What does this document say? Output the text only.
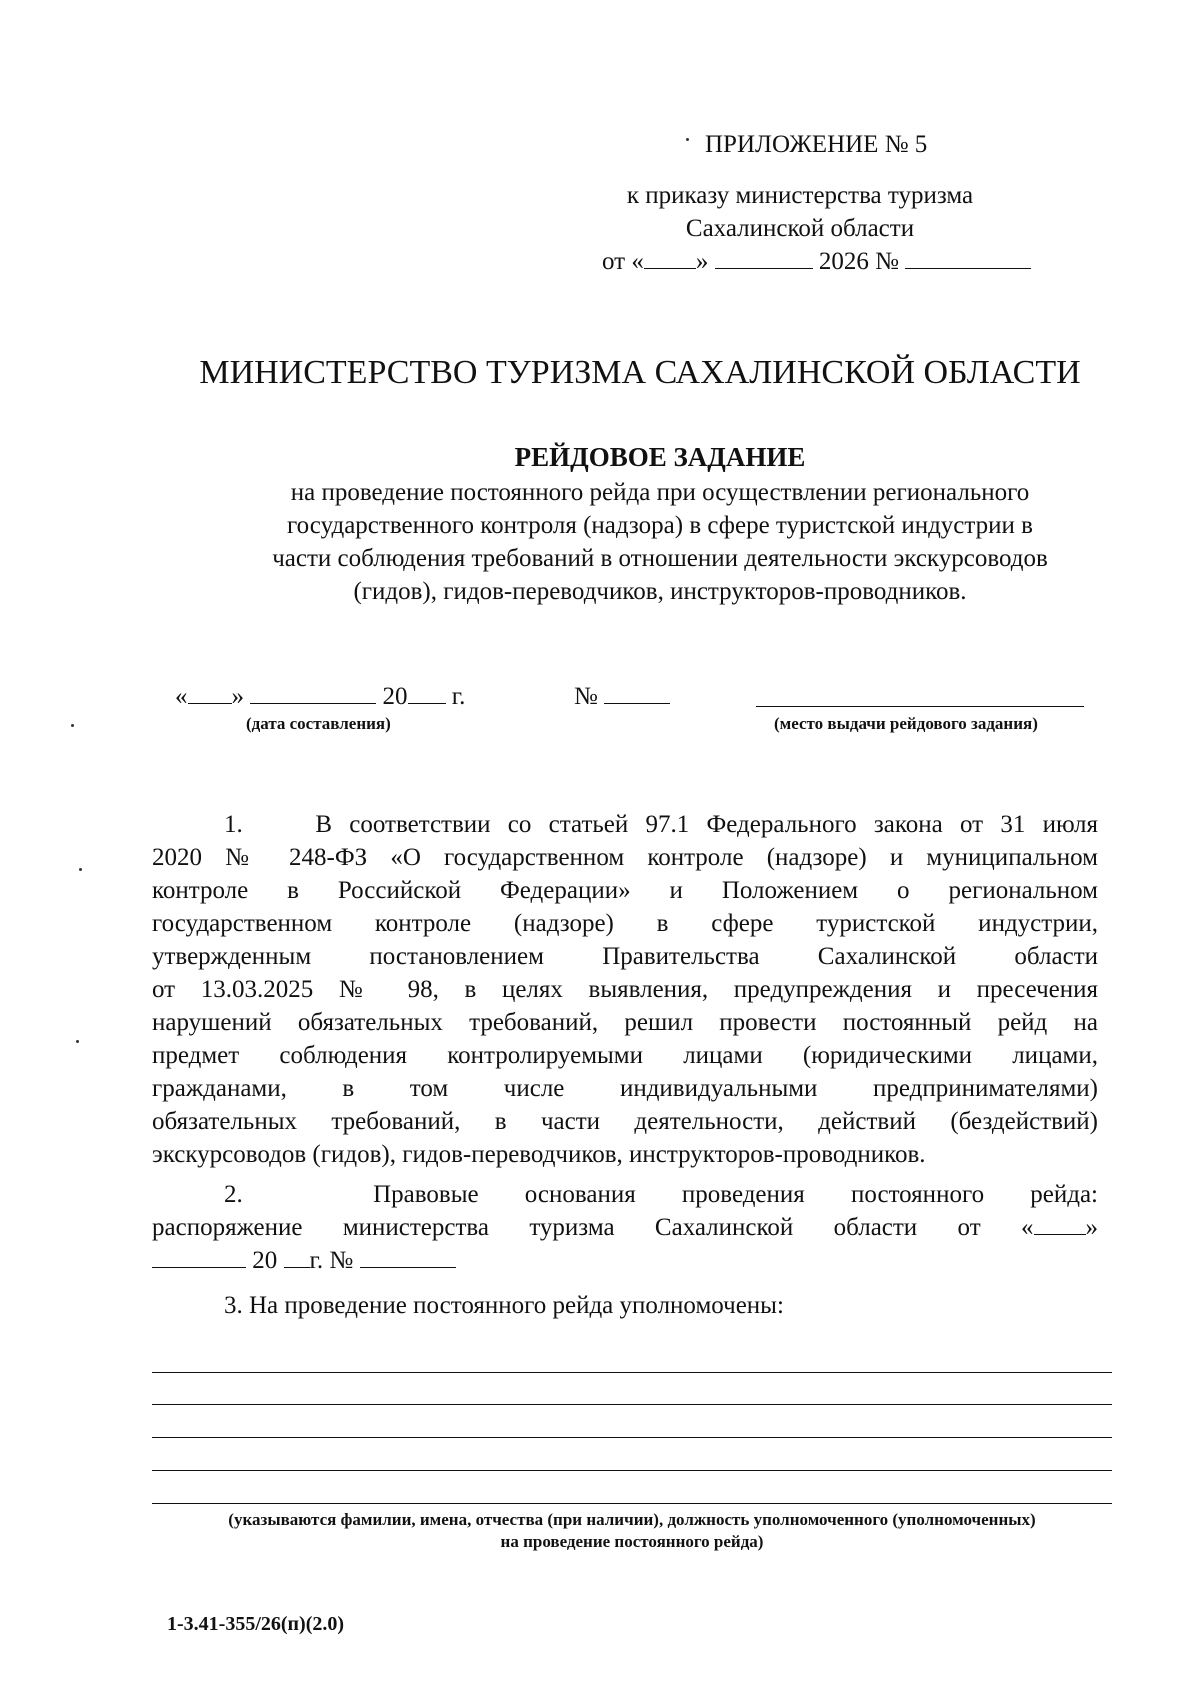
ПРИЛОЖЕНИЕ № 5
к приказу министерства туризма
Сахалинской области
от « »	2026 №
МИНИСТЕРСТВО ТУРИЗМА САХАЛИНСКОЙ ОБЛАСТИ
РЕЙДОВОЕ ЗАДАНИЕ
на проведение постоянного рейда при осуществлении регионального
государственного контроля (надзора) в сфере туристской индустрии в
части соблюдения требований в отношении деятельности экскурсоводов
(гидов), гидов-переводчиков, инструкторов-проводников.
« »	20 г.	№
(дата составления)	(место выдачи рейдового задания)
1.	В соответствии со статьей 97.1 Федерального закона от 31 июля
2020 № 248-ФЗ «О государственном контроле (надзоре) и муниципальном
контроле в Российской Федерации» и Положением о региональном
государственном контроле (надзоре) в сфере туристской индустрии,
утвержденным постановлением Правительства Сахалинской области
от 13.03.2025 № 98, в целях выявления, предупреждения и пресечения
нарушений обязательных требований, решил провести постоянный рейд на
предмет соблюдения контролируемыми лицами (юридическими лицами,
гражданами, в том числе индивидуальными предпринимателями)
обязательных требований, в части деятельности, действий (бездействий)
экскурсоводов (гидов), гидов-переводчиков, инструкторов-проводников.
2.	Правовые основания проведения постоянного рейда:
распоряжение министерства туризма Сахалинской области от « »
20 г. №
3. На проведение постоянного рейда уполномочены:
(указываются фамилии, имена, отчества (при наличии), должность уполномоченного (уполномоченных)
на проведение постоянного рейда)
1-3.41-355/26(п)(2.0)
